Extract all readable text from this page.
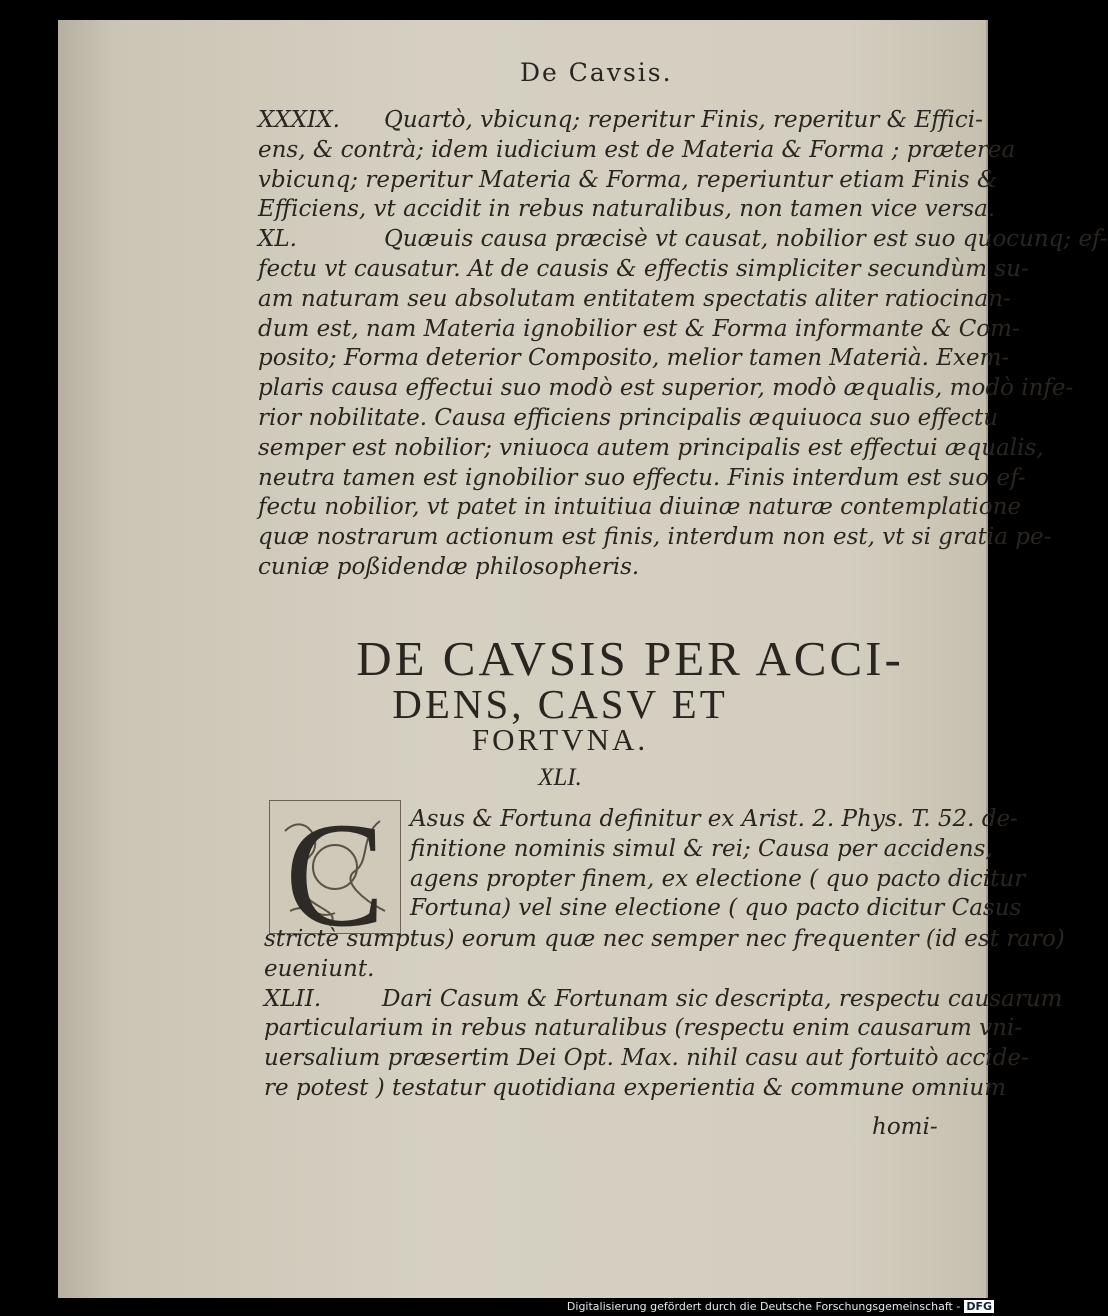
De Cavsis.
XXXIX. Quartò, vbicunq; reperitur Finis, reperitur & Effici-
ens, & contrà; idem iudicium est de Materia & Forma ; præterea
vbicunq; reperitur Materia & Forma, reperiuntur etiam Finis &
Efficiens, vt accidit in rebus naturalibus, non tamen vice versa.
XL.	Quæuis causa præcisè vt causat, nobilior est suo quocunq; ef-
fectu vt causatur. At de causis & effectis simpliciter secundùm su-
am naturam seu absolutam entitatem spectatis aliter ratiocinan-
dum est, nam Materia ignobilior est & Forma informante & Com-
posito; Forma deterior Composito, melior tamen Materià. Exem-
plaris causa effectui suo modò est superior, modò æqualis, modò infe-
rior nobilitate. Causa efficiens principalis æquiuoca suo effectu
semper est nobilior; vniuoca autem principalis est effectui æqualis,
neutra tamen est ignobilior suo effectu. Finis interdum est suo ef-
fectu nobilior, vt patet in intuitiua diuinæ naturæ contemplatione
quæ nostrarum actionum est finis, interdum non est, vt si gratia pe-
cuniæ poßidendæ philosopheris.
DE CAVSIS PER ACCI-
DENS, CASV ET
FORTVNA.
XLI.
C	Asus & Fortuna definitur ex Arist. 2. Phys. T. 52. de-
finitione nominis simul & rei; Causa per accidens,
agens propter finem, ex electione ( quo pacto dicitur
Fortuna) vel sine electione ( quo pacto dicitur Casus
strictè sumptus) eorum quæ nec semper nec frequenter (id est raro)
eueniunt.
XLII.	Dari Casum & Fortunam sic descripta, respectu causarum
particularium in rebus naturalibus (respectu enim causarum vni-
uersalium præsertim Dei Opt. Max. nihil casu aut fortuitò accide-
re potest ) testatur quotidiana experientia & commune omnium
homi-
Digitalisierung gefördert durch die Deutsche Forschungsgemeinschaft - DFG
